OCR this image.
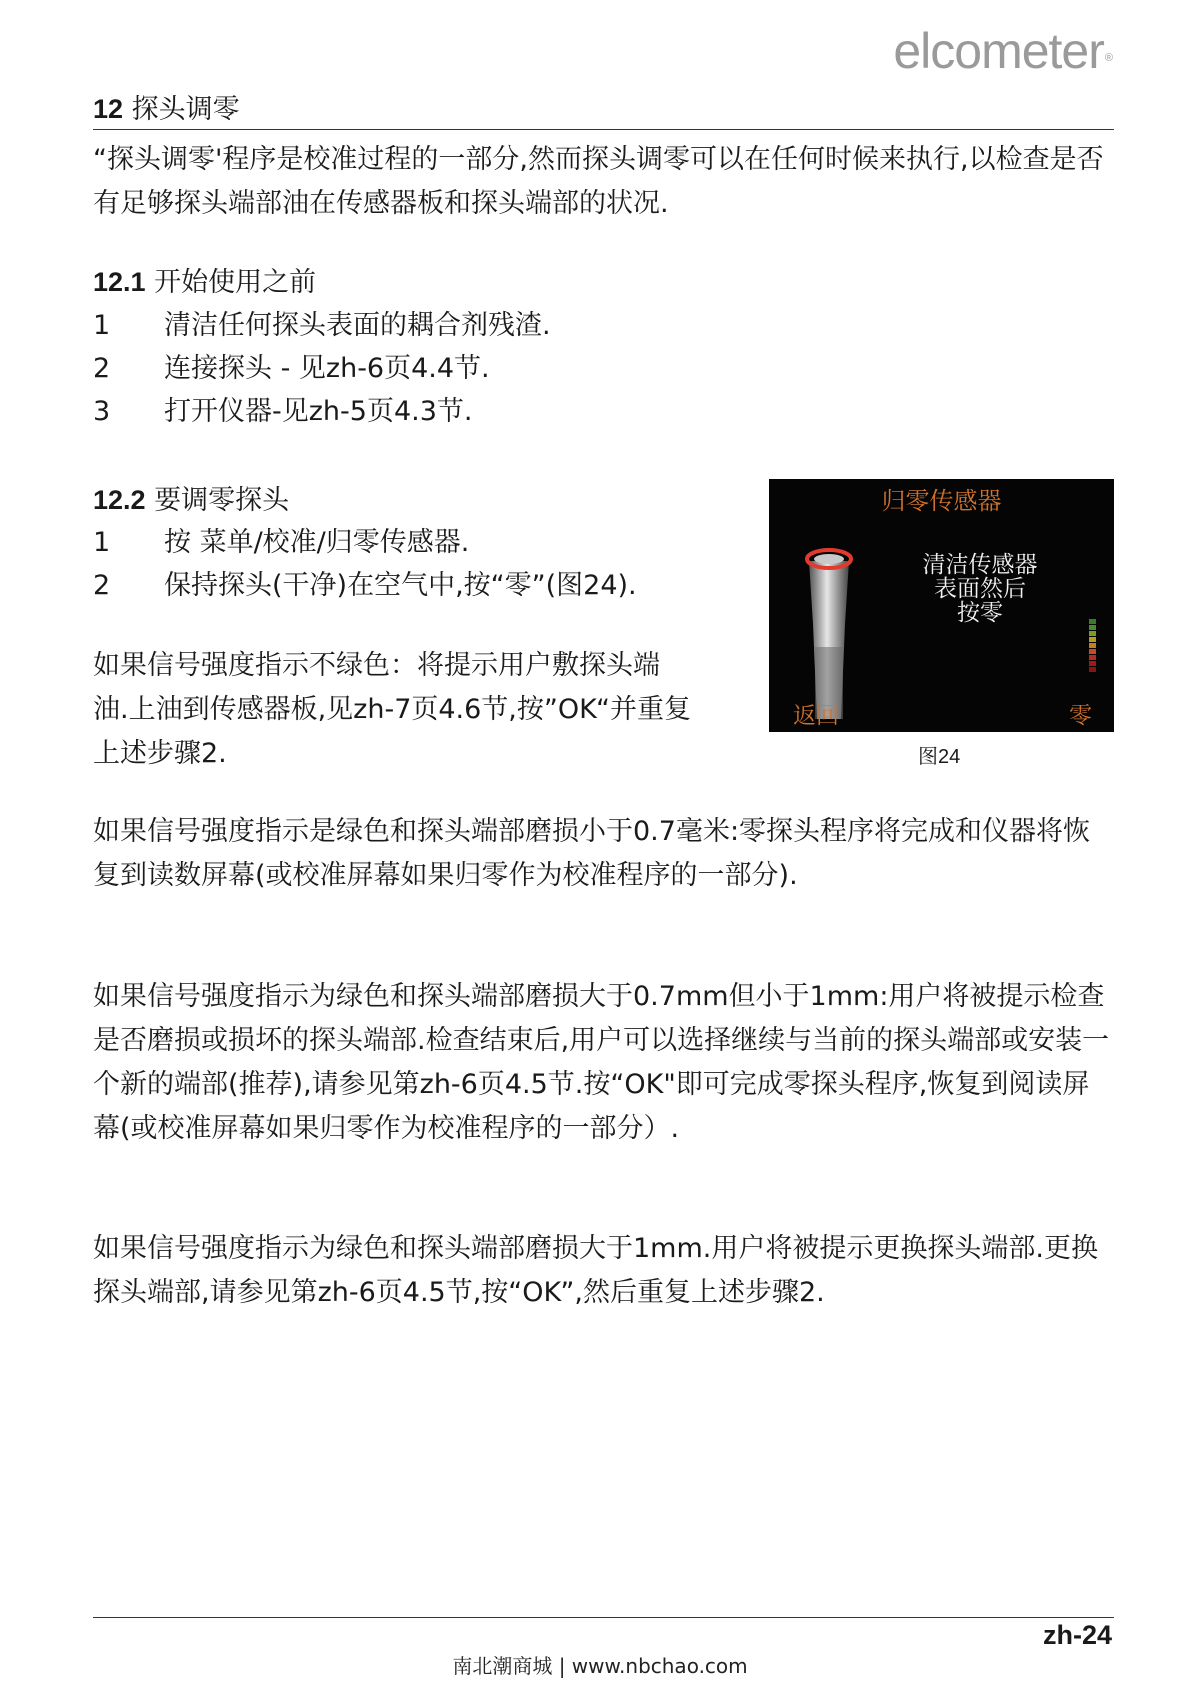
elcometer®
12 探头调零
“探头调零'程序是校准过程的一部分,然而探头调零可以在任何时候来执行,以检查是否有足够探头端部油在传感器板和探头端部的状况.
12.1 开始使用之前
1	清洁任何探头表面的耦合剂残渣.
2	连接探头 - 见zh-6页4.4节.
3	打开仪器-见zh-5页4.3节.
12.2 要调零探头
1	按 菜单/校准/归零传感器.
2	保持探头(干净)在空气中,按“零”(图24).
如果信号强度指示不绿色：将提示用户敷探头端油.上油到传感器板,见zh-7页4.6节,按”OK“并重复上述步骤2.
归零传感器
清洁传感器
表面然后
按零
返回	零
图24
如果信号强度指示是绿色和探头端部磨损小于0.7毫米:零探头程序将完成和仪器将恢复到读数屏幕(或校准屏幕如果归零作为校准程序的一部分).
如果信号强度指示为绿色和探头端部磨损大于0.7mm但小于1mm:用户将被提示检查是否磨损或损坏的探头端部.检查结束后,用户可以选择继续与当前的探头端部或安装一个新的端部(推荐),请参见第zh-6页4.5节.按“OK"即可完成零探头程序,恢复到阅读屏幕(或校准屏幕如果归零作为校准程序的一部分）.
如果信号强度指示为绿色和探头端部磨损大于1mm.用户将被提示更换探头端部.更换探头端部,请参见第zh-6页4.5节,按“OK”,然后重复上述步骤2.
zh-24
南北潮商城 | www.nbchao.com
